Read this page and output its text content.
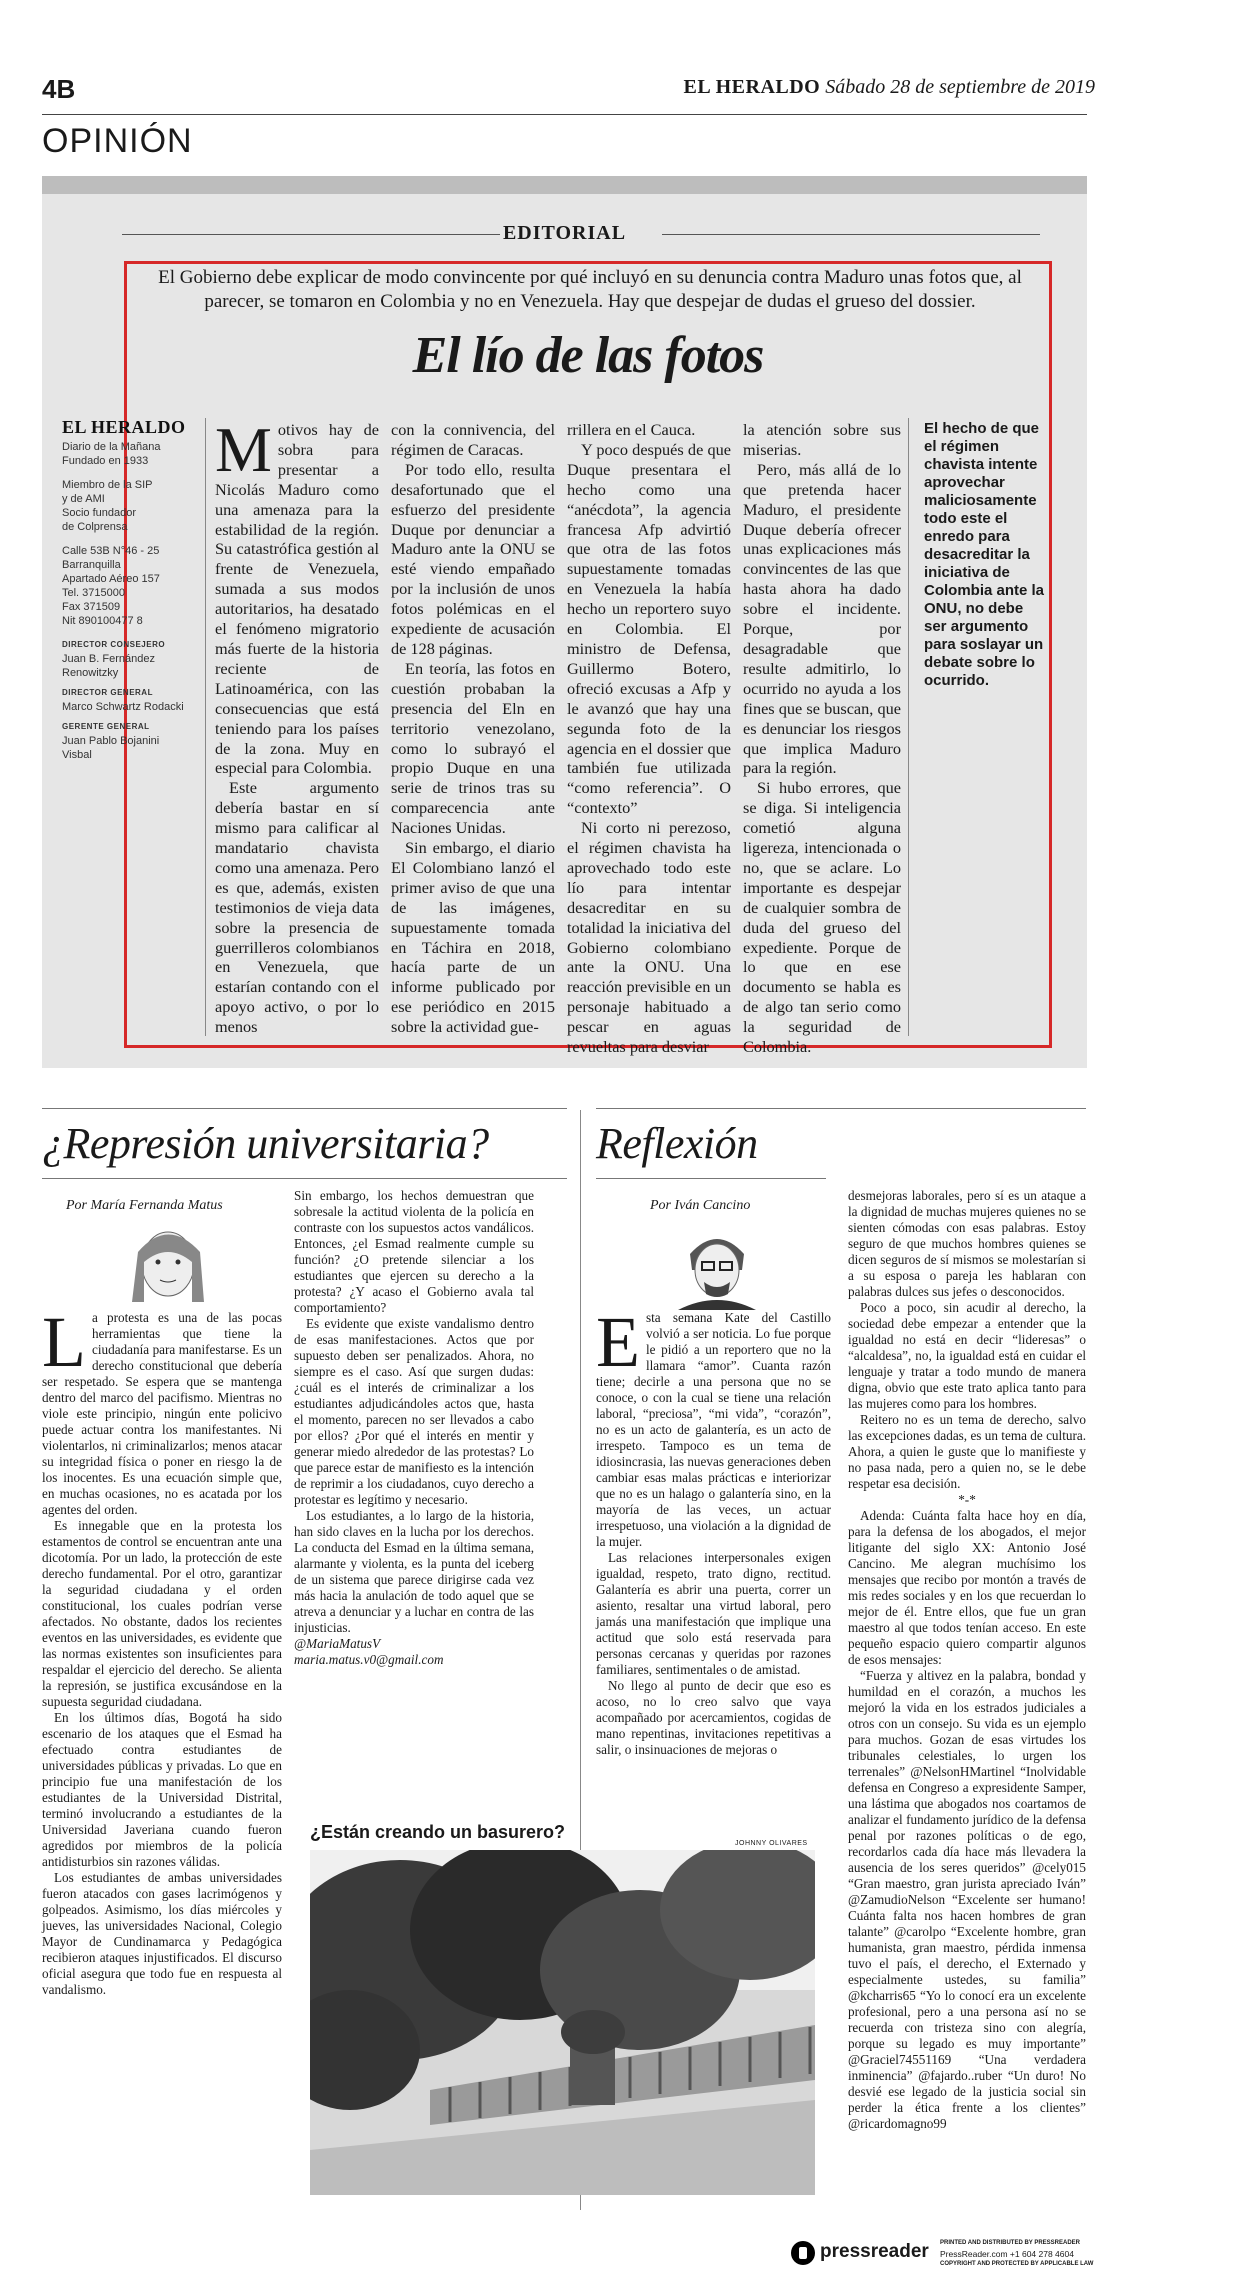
4B	EL HERALDO Sábado 28 de septiembre de 2019
OPINIÓN
EDITORIAL
El Gobierno debe explicar de modo convincente por qué incluyó en su denuncia contra Maduro unas fotos que, al parecer, se tomaron en Colombia y no en Venezuela. Hay que despejar de dudas el grueso del dossier.
El lío de las fotos
EL HERALDO
Diario de la Mañana
Fundado en 1933
Miembro de la SIP
y de AMI
Socio fundador
de Colprensa
Calle 53B N°46 - 25
Barranquilla
Apartado Aéreo 157
Tel. 3715000
Fax 371509
Nit 890100477 8
DIRECTOR CONSEJERO
Juan B. Fernández Renowitzky
DIRECTOR GENERAL
Marco Schwartz Rodacki
GERENTE GENERAL
Juan Pablo Bojanini Visbal

Motivos hay de sobra para presentar a Nicolás Maduro como una amenaza para la estabilidad de la región. Su catastrófica gestión al frente de Venezuela, sumada a sus modos autoritarios, ha desatado el fenómeno migratorio más fuerte de la historia reciente de Latinoamérica, con las consecuencias que está teniendo para los países de la zona. Muy en especial para Colombia.

Este argumento debería bastar en sí mismo para calificar al mandatario chavista como una amenaza. Pero es que, además, existen testimonios de vieja data sobre la presencia de guerrilleros colombianos en Venezuela, que estarían contando con el apoyo activo, o por lo menos

con la connivencia, del régimen de Caracas.

Por todo ello, resulta desafortunado que el esfuerzo del presidente Duque por denunciar a Maduro ante la ONU se esté viendo empañado por la inclusión de unos fotos polémicas en el expediente de acusación de 128 páginas.

En teoría, las fotos en cuestión probaban la presencia del Eln en territorio venezolano, como lo subrayó el propio Duque en una serie de trinos tras su comparecencia ante Naciones Unidas.

Sin embargo, el diario El Colombiano lanzó el primer aviso de que una de las imágenes, supuestamente tomada en Táchira en 2018, hacía parte de un informe publicado por ese periódico en 2015 sobre la actividad gue-

rrillera en el Cauca.

Y poco después de que Duque presentara el hecho como una “anécdota”, la agencia francesa Afp advirtió que otra de las fotos supuestamente tomadas en Venezuela la había hecho un reportero suyo en Colombia. El ministro de Defensa, Guillermo Botero, ofreció excusas a Afp y le avanzó que hay una segunda foto de la agencia en el dossier que también fue utilizada “como referencia”. O “contexto”

Ni corto ni perezoso, el régimen chavista ha aprovechado todo este lío para intentar desacreditar en su totalidad la iniciativa del Gobierno colombiano ante la ONU. Una reacción previsible en un personaje habituado a pescar en aguas revueltas para desviar

la atención sobre sus miserias.

Pero, más allá de lo que pretenda hacer Maduro, el presidente Duque debería ofrecer unas explicaciones más convincentes de las que hasta ahora ha dado sobre el incidente. Porque, por desagradable que resulte admitirlo, lo ocurrido no ayuda a los fines que se buscan, que es denunciar los riesgos que implica Maduro para la región.

Si hubo errores, que se diga. Si inteligencia cometió alguna ligereza, intencionada o no, que se aclare. Lo importante es despejar de cualquier sombra de duda del grueso del expediente. Porque de lo que en ese documento se habla es de algo tan serio como la seguridad de Colombia.

El hecho de que el régimen chavista intente aprovechar maliciosamente todo este el enredo para desacreditar la iniciativa de Colombia ante la ONU, no debe ser argumento para soslayar un debate sobre lo ocurrido.
¿Represión universitaria?
Por María Fernanda Matus

La protesta es una de las pocas herramientas que tiene la ciudadanía para manifestarse. Es un derecho constitucional que debería ser respetado. Se espera que se mantenga dentro del marco del pacifismo. Mientras no viole este principio, ningún ente policivo puede actuar contra los manifestantes. Ni violentarlos, ni criminalizarlos; menos atacar su integridad física o poner en riesgo la de los inocentes. Es una ecuación simple que, en muchas ocasiones, no es acatada por los agentes del orden.

Es innegable que en la protesta los estamentos de control se encuentran ante una dicotomía. Por un lado, la protección de este derecho fundamental. Por el otro, garantizar la seguridad ciudadana y el orden constitucional, los cuales podrían verse afectados. No obstante, dados los recientes eventos en las universidades, es evidente que las normas existentes son insuficientes para respaldar el ejercicio del derecho. Se alienta la represión, se justifica excusándose en la supuesta seguridad ciudadana.

En los últimos días, Bogotá ha sido escenario de los ataques que el Esmad ha efectuado contra estudiantes de universidades públicas y privadas. Lo que en principio fue una manifestación de los estudiantes de la Universidad Distrital, terminó involucrando a estudiantes de la Universidad Javeriana cuando fueron agredidos por miembros de la policía antidisturbios sin razones válidas.

Los estudiantes de ambas universidades fueron atacados con gases lacrimógenos y golpeados. Asimismo, los días miércoles y jueves, las universidades Nacional, Colegio Mayor de Cundinamarca y Pedagógica recibieron ataques injustificados. El discurso oficial asegura que todo fue en respuesta al vandalismo.

Sin embargo, los hechos demuestran que sobresale la actitud violenta de la policía en contraste con los supuestos actos vandálicos. Entonces, ¿el Esmad realmente cumple su función? ¿O pretende silenciar a los estudiantes que ejercen su derecho a la protesta? ¿Y acaso el Gobierno avala tal comportamiento?

Es evidente que existe vandalismo dentro de esas manifestaciones. Actos que por supuesto deben ser penalizados. Ahora, no siempre es el caso. Así que surgen dudas: ¿cuál es el interés de criminalizar a los estudiantes adjudicándoles actos que, hasta el momento, parecen no ser llevados a cabo por ellos? ¿Por qué el interés en mentir y generar miedo alrededor de las protestas? Lo que parece estar de manifiesto es la intención de reprimir a los ciudadanos, cuyo derecho a protestar es legítimo y necesario.

Los estudiantes, a lo largo de la historia, han sido claves en la lucha por los derechos. La conducta del Esmad en la última semana, alarmante y violenta, es la punta del iceberg de un sistema que parece dirigirse cada vez más hacia la anulación de todo aquel que se atreva a denunciar y a luchar en contra de las injusticias.

@MariaMatusV

maria.matus.v0@gmail.com

Reflexión
Por Iván Cancino

Esta semana Kate del Castillo volvió a ser noticia. Lo fue porque le pidió a un reportero que no la llamara “amor”. Cuanta razón tiene; decirle a una persona que no se conoce, o con la cual se tiene una relación laboral, “preciosa”, “mi vida”, “corazón”, no es un acto de galantería, es un acto de irrespeto. Tampoco es un tema de idiosincrasia, las nuevas generaciones deben cambiar esas malas prácticas e interiorizar que no es un halago o galantería sino, en la mayoría de las veces, un actuar irrespetuoso, una violación a la dignidad de la mujer.

Las relaciones interpersonales exigen igualdad, respeto, trato digno, rectitud. Galantería es abrir una puerta, correr un asiento, resaltar una virtud laboral, pero jamás una manifestación que implique una actitud que solo está reservada para personas cercanas y queridas por razones familiares, sentimentales o de amistad.

No llego al punto de decir que eso es acoso, no lo creo salvo que vaya acompañado por acercamientos, cogidas de mano repentinas, invitaciones repetitivas a salir, o insinuaciones de mejoras o

desmejoras laborales, pero sí es un ataque a la dignidad de muchas mujeres quienes no se sienten cómodas con esas palabras. Estoy seguro de que muchos hombres quienes se dicen seguros de sí mismos se molestarían si a su esposa o pareja les hablaran con palabras dulces sus jefes o desconocidos.

Poco a poco, sin acudir al derecho, la sociedad debe empezar a entender que la igualdad no está en decir “lideresas” o “alcaldesa”, no, la igualdad está en cuidar el lenguaje y tratar a todo mundo de manera digna, obvio que este trato aplica tanto para las mujeres como para los hombres.

Reitero no es un tema de derecho, salvo las excepciones dadas, es un tema de cultura. Ahora, a quien le guste que lo manifieste y no pasa nada, pero a quien no, se le debe respetar esa decisión.

*-*

Adenda: Cuánta falta hace hoy en día, para la defensa de los abogados, el mejor litigante del siglo XX: Antonio José Cancino. Me alegran muchísimo los mensajes que recibo por montón a través de mis redes sociales y en los que recuerdan lo mejor de él. Entre ellos, que fue un gran maestro al que todos tenían acceso. En este pequeño espacio quiero compartir algunos de esos mensajes:

“Fuerza y altivez en la palabra, bondad y humildad en el corazón, a muchos les mejoró la vida en los estrados judiciales a otros con un consejo. Su vida es un ejemplo para muchos. Gozan de esas virtudes los tribunales celestiales, lo urgen los terrenales” @NelsonHMartinel “Inolvidable defensa en Congreso a expresidente Samper, una lástima que abogados nos coartamos de analizar el fundamento jurídico de la defensa penal por razones políticas o de ego, recordarlos cada día hace más llevadera la ausencia de los seres queridos” @cely015 “Gran maestro, gran jurista apreciado Iván” @ZamudioNelson “Excelente ser humano! Cuánta falta nos hacen hombres de gran talante” @carolpo “Excelente hombre, gran humanista, gran maestro, pérdida inmensa tuvo el país, el derecho, el Externado y especialmente ustedes, su familia” @kcharris65 “Yo lo conocí era un excelente profesional, pero a una persona así no se recuerda con tristeza sino con alegría, porque su legado es muy importante” @Graciel74551169 “Una verdadera inminencia” @fajardo..ruber “Un duro! No desvié ese legado de la justicia social sin perder la ética frente a los clientes” @ricardomagno99

¿Están creando un basurero?
JOHNNY OLIVARES
pressreader PRINTED AND DISTRIBUTED BY PRESSREADER
PressReader.com +1 604 278 4604
COPYRIGHT AND PROTECTED BY APPLICABLE LAW
